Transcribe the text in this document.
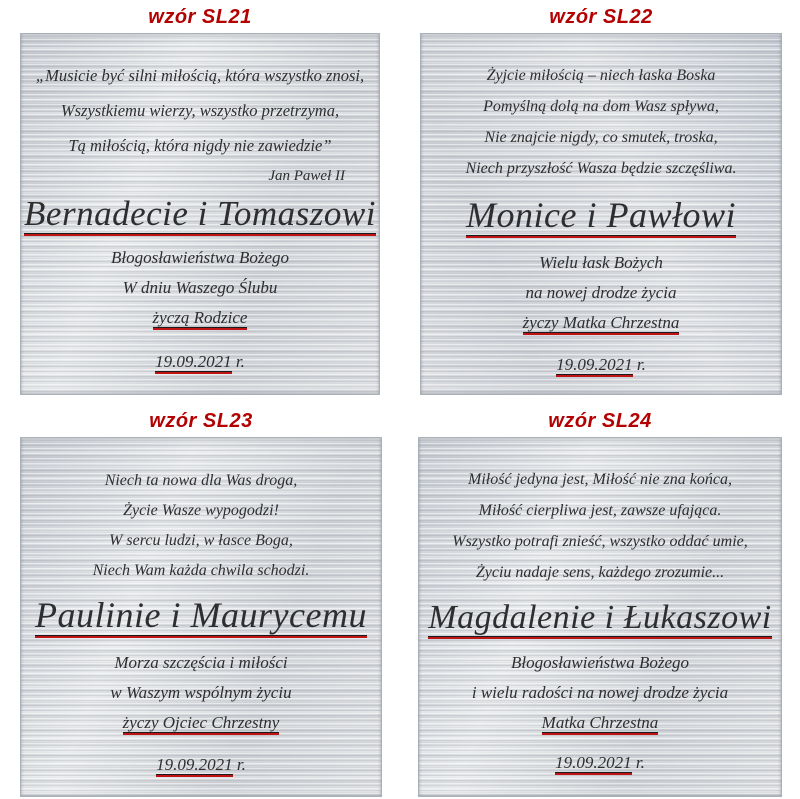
wzór SL21

„Musicie być silni miłością, która wszystko znosi,

Wszystkiemu wierzy, wszystko przetrzyma,

Tą miłością, która nigdy nie zawiedzie”

Jan Paweł II

Bernadecie i Tomaszowi

Błogosławieństwa Bożego

W dniu Waszego Ślubu

życzą Rodzice

19.09.2021 r.

wzór SL22

Żyjcie miłością – niech łaska Boska

Pomyślną dolą na dom Wasz spływa,

Nie znajcie nigdy, co smutek, troska,

Niech przyszłość Wasza będzie szczęśliwa.

Monice i Pawłowi

Wielu łask Bożych

na nowej drodze życia

życzy Matka Chrzestna

19.09.2021 r.

wzór SL23

Niech ta nowa dla Was droga,

Życie Wasze wypogodzi!

W sercu ludzi, w łasce Boga,

Niech Wam każda chwila schodzi.

Paulinie i Maurycemu

Morza szczęścia i miłości

w Waszym wspólnym życiu

życzy Ojciec Chrzestny

19.09.2021 r.

wzór SL24

Miłość jedyna jest, Miłość nie zna końca,

Miłość cierpliwa jest, zawsze ufająca.

Wszystko potrafi znieść, wszystko oddać umie,

Życiu nadaje sens, każdego zrozumie...

Magdalenie i Łukaszowi

Błogosławieństwa Bożego

i wielu radości na nowej drodze życia

Matka Chrzestna

19.09.2021 r.
